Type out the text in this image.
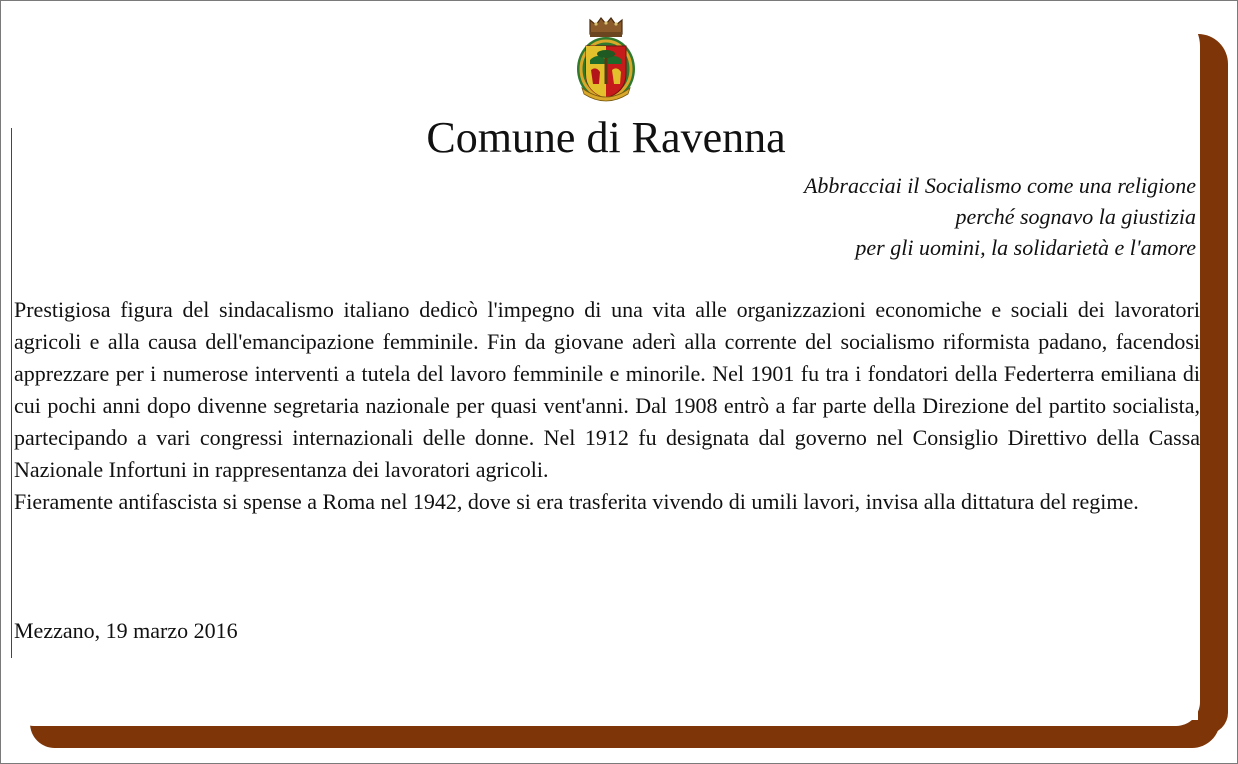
Comune di Ravenna
Abbracciai il Socialismo come una religione
perché sognavo la giustizia
per gli uomini, la solidarietà e l'amore

Prestigiosa figura del sindacalismo italiano dedicò l'impegno di una vita alle organizzazioni economiche e sociali dei lavoratori agricoli e alla causa dell'emancipazione femminile. Fin da giovane aderì alla corrente del socialismo riformista padano, facendosi apprezzare per i numerose interventi a tutela del lavoro femminile e minorile. Nel 1901 fu tra i fondatori della Federterra emiliana di cui pochi anni dopo divenne segretaria nazionale per quasi vent'anni. Dal 1908 entrò a far parte della Direzione del partito socialista, partecipando a vari congressi internazionali delle donne. Nel 1912 fu designata dal governo nel Consiglio Direttivo della Cassa Nazionale Infortuni in rappresentanza dei lavoratori agricoli.

Fieramente antifascista si spense a Roma nel 1942, dove si era trasferita vivendo di umili lavori, invisa alla dittatura del regime.

Mezzano, 19 marzo 2016
